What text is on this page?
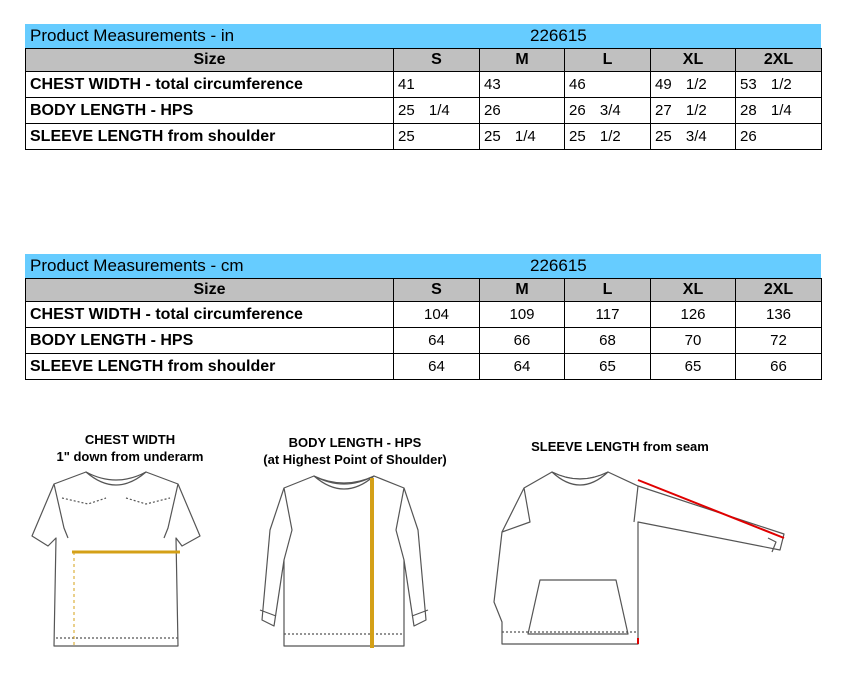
Product Measurements - in	226615
Size	S	M	L	XL	2XL
CHEST WIDTH - total circumference	41	43	46	49 1/2	53 1/2
BODY LENGTH - HPS	25 1/4	26	26 3/4	27 1/2	28 1/4
SLEEVE LENGTH from shoulder	25	25 1/4	25 1/2	25 3/4	26
Product Measurements - cm	226615
Size	S	M	L	XL	2XL
CHEST WIDTH - total circumference	104	109	117	126	136
BODY LENGTH - HPS	64	66	68	70	72
SLEEVE LENGTH from shoulder	64	64	65	65	66
CHEST WIDTH
1" down from underarm
BODY LENGTH - HPS
(at Highest Point of Shoulder)
SLEEVE LENGTH from seam
